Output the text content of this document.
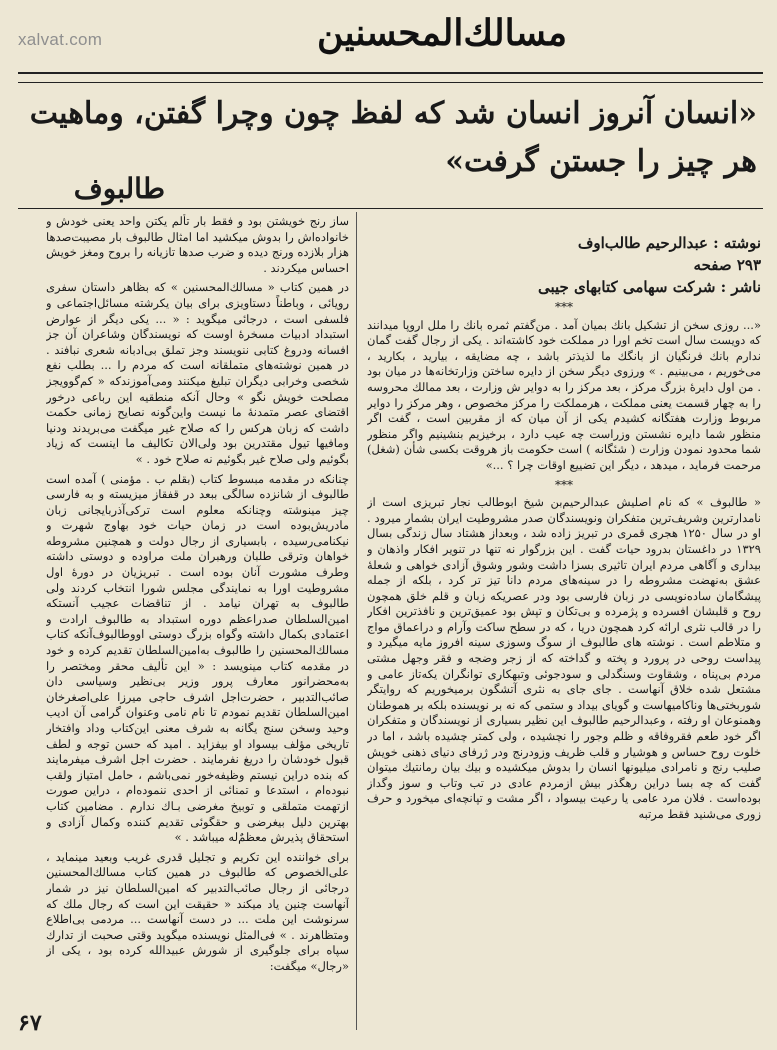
xalvat.com	مسالك‌المحسنين
«انسان آنروز انسان شد که لفظ چون وچرا گفتن، وماهیت هر چیز را جستن گرفت»
طالبوف
نوشته : عبدالرحیم طالب‌اوف
۲۹۳ صفحه
ناشر : شرکت سهامی کتابهای جیبی
***

«... روزی سخن از تشکیل بانك بمیان آمد . من‌گفتم ثمره بانك را ملل اروپا میدانند که دویست سال است تخم اورا در مملکت خود کاشته‌اند . یکی از رجال گفت گمان ندارم بانك فرنگیان از بانگك ما لذیذتر باشد ، چه مضایقه ، بیارید ، بکارید ، می‌خوریم ، می‌بینیم . » ورزوی دیگر سخن از دایره ساختن وزارتخانه‌ها در میان بود . من اول دایرهٔ بزرگ مرکز ، بعد مرکز را به دوایر ش وزارت ، بعد ممالك محروسه را به چهار قسمت یعنی مملکت ، هرمملکت را مرکز مخصوص ، وهر مرکز را دوایر مربوط وزارت هفتگانه کشیدم یکی از آن میان که از مقربین است ، گفت اگر منظور شما دایره نشستن وزراست چه عیب دارد ، برخیزیم بنشینیم واگر منظور شما محدود نمودن وزارت ( شئگانه ) است حکومت باز هروقت بکسی شأن (شغل) مرحمت فرماید ، میدهد ، دیگر این تضییع اوقات چرا ؟ ...»

***

« طالبوف » که نام اصلیش عبدالرحیم‌بن شیخ ابوطالب نجار تبریزی است از نامدارترین وشریف‌ترین متفکران ونویسندگان صدر مشروطیت ایران بشمار میرود . او در سال ۱۲۵۰ هجری قمری در تبریز زاده شد ، وبعداز هشتاد سال زندگی بسال ۱۳۲۹ در داغستان بدرود حیات گفت . این بزرگوار نه تنها در تنویر افکار واذهان و بیداری و آگاهی مردم ایران تاثیری بسزا داشت وشور وشوق آزادی خواهی و شعلهٔ عشق به‌نهضت مشروطه را در سینه‌های مردم دانا تیز تر کرد ، بلکه از جمله پیشگامان ساده‌نویسی در زبان فارسی بود ودر عصریکه زبان و قلم خلق همچون روح و قلبشان افسرده و پژمرده و بی‌تکان و تپش بود عمیق‌ترین و نافذترین افکار را در قالب نثری ارائه کرد همچون دریا ، که در سطح ساکت وآرام و دراعماق مواج و متلاطم است . نوشته های طالبوف از سوگ وسوزی سینه افروز مایه میگیرد و پیداست روحی در پرورد و پخته و گداخته که از زجر وضجه و فقر وجهل مشتی مردم بی‌پناه ، وشقاوت وسنگدلی و سودجوئی وتبهکاری توانگران یکه‌تاز عامی و مشتعل شده خلاق آنهاست . جای جای به نثری آتشگون برمیخوریم که روایتگر شوربختی‌ها وناکامیهاست و گویای بیداد و ستمی که نه بر نویسنده بلکه بر هموطنان وهمنوعان او رفته ، وعبدالرحیم طالبوف این نظیر بسیاری از نویسندگان و متفکران اگر خود طعم فقروفاقه و ظلم وجور را نچشیده ، ولی کمتر چشیده باشد ، اما در خلوت روح حساس و هوشیار و قلب ظریف وزودرنج ودر ژرفای دنیای ذهنی خویش صلیب رنج و نامرادی میلیونها انسان را بدوش میکشیده و بیك بیان رمانتیك میتوان گفت که چه بسا دراین رهگذر بیش ازمردم عادی در تب وتاب و سوز وگداز بوده‌است . فلان مرد عامی یا رعیت بیسواد ، اگر مشت و تپانچه‌ای میخورد و حرف زوری می‌شنید فقط مرتبه

ساز رنج خویشتن بود و فقط بار تألم یکتن واحد یعنی خودش و خانواده‌اش را بدوش میکشید اما امثال طالبوف بار مصیبت‌صدها هزار بلازده ورنج دیده و ضرب صدها تازیانه را بروح ومغز خویش احساس میکردند .

در همین کتاب « مسالك‌المحسنین » که بظاهر داستان سفری رویائی ، وباطناً دستاویزی برای بیان یکرشته مسائل‌اجتماعی و فلسفی است ، درجائی میگوید : « ... یکی دیگر از عوارض استبداد ادبیات مسخرهٔ اوست که نویسندگان وشاعران آن جز افسانه ودروغ کتابی ننویسند وجز تملق بی‌ادبانه شعری نبافند . در همین نوشته‌های متملقانه است که مردم را ... بطلب نفع شخصی وخرابی دیگران تبلیغ میکنند ومی‌آموزندکه « کم‌گوویجز مصلحت خویش نگو » وحال آنکه منطقیه این رباعی درخور اقتضای عصر متمدنهٔ ما نیست واین‌گونه نصایح زمانی حکمت داشت که زبان هرکس را که صلاح غیر میگفت می‌بریدند ودنیا ومافیها تیول مقتدرین بود ولی‌الان تکالیف ما اینست که زیاد بگوئیم ولی صلاح غیر بگوئیم نه صلاح خود . »

چنانکه در مقدمه مبسوط کتاب (بقلم ب . مؤمنی ) آمده است طالبوف از شانزده سالگی ببعد در قفقاز میزیسته و به فارسی چیز مینوشته وچنانکه معلوم است ترکی‌آذربایجانی زبان مادریش‌بوده است در زمان حیات خود بهاوج شهرت و نیکنامی‌رسیده ، بابسیاری از رجال دولت و همچنین مشروطه خواهان وترقی طلبان ورهبران ملت مراوده و دوستی داشته وطرف مشورت آنان بوده است . تبریزیان در دورهٔ اول مشروطیت اورا به نمایندگی مجلس شورا انتخاب کردند ولی طالبوف به تهران نیامد . از تناقضات عجیب آنستکه امین‌السلطان صدراعظم دوره استبداد به طالبوف ارادت و اعتمادی بکمال داشته وگواه بزرگ دوستی اووطالبوف‌آنکه کتاب مسالك‌المحسنین را طالبوف به‌امین‌السلطان تقدیم کرده و خود در مقدمه کتاب مینویسد : « این تألیف محقر ومختصر را به‌محضرانور معارف پرور وزیر بی‌نظیر وسیاسی دان صائب‌التدبیر ، حضرت‌اجل اشرف حاجی میرزا علی‌اصغرخان امین‌السلطان تقدیم نمودم تا نام نامی وعنوان گرامی آن ادیب وحید وسخن سنج یگانه به شرف معنی این‌کتاب وداد وافتخار تاریخی مؤلف بیسواد او بیفزاید . امید که حسن توجه و لطف قبول خودشان را دریغ نفرمایند . حضرت اجل اشرف میفرمایند که بنده دراین نیستم وظیفه‌خور نمی‌باشم ، حامل امتیاز ولقب نبوده‌ام ، استدعا و تمنائی از احدی ننموده‌ام ، دراین صورت ازتهمت متملقی و توبیخ مغرضی بـاك ندارم . مضامین کتاب بهترین دلیل بیغرضی و حقگوئی تقدیم کننده وکمال آزادی و استحقاق پذیرش معظمٌ‌له میباشد . »

برای خواننده این تکریم و تجلیل قدری غریب وبعید مینماید ، علی‌الخصوص که طالبوف در همین کتاب مسالك‌المحسنین درجائی از رجال صائب‌التدبیر که امین‌السلطان نیز در شمار آنهاست چنین یاد میکند « حقیقت این است که رجال ملك که سرنوشت این ملت ... در دست آنهاست ... مردمی بی‌اطلاع ومتظاهرند . » فی‌المثل نویسنده میگوید وقتی صحبت از تدارك سپاه برای جلوگیری از شورش عبیدالله کرده بود ، یکی از «رجال» میگفت:

۶۷
